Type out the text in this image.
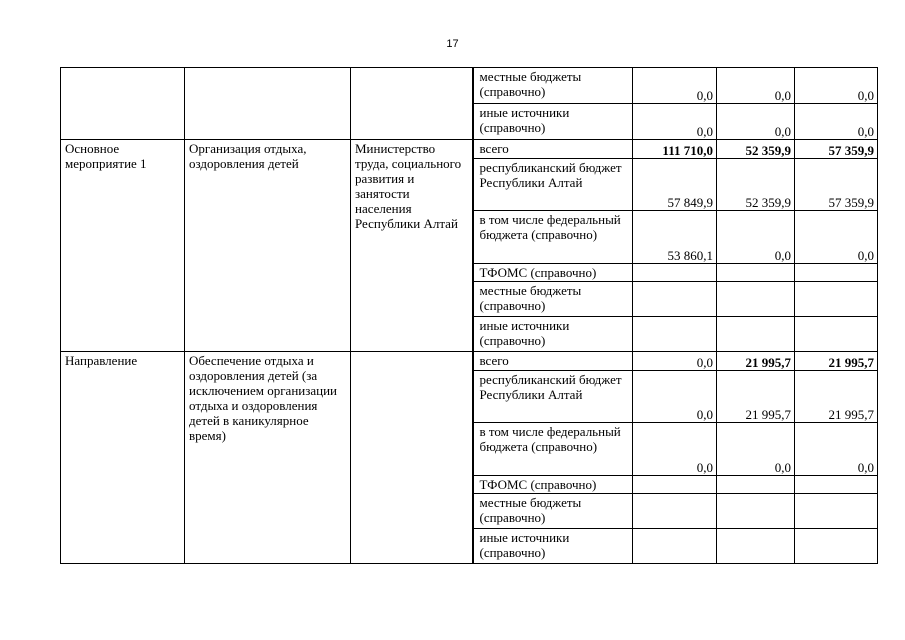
17
			местные бюджеты (справочно)	0,0	0,0	0,0
			иные источники (справочно)	0,0	0,0	0,0
Основное мероприятие 1	Организация отдыха, оздоровления детей	Министерство труда, социального развития и занятости населения Республики Алтай	всего	111 710,0	52 359,9	57 359,9
			республиканский бюджет Республики Алтай	57 849,9	52 359,9	57 359,9
			в том числе федеральный бюджета (справочно)	53 860,1	0,0	0,0
			ТФОМС (справочно)			
			местные бюджеты (справочно)			
			иные источники (справочно)			
Направление	Обеспечение отдыха и оздоровления детей (за исключением организации отдыха и оздоровления детей в каникулярное время)		всего	0,0	21 995,7	21 995,7
			республиканский бюджет Республики Алтай	0,0	21 995,7	21 995,7
			в том числе федеральный бюджета (справочно)	0,0	0,0	0,0
			ТФОМС (справочно)			
			местные бюджеты (справочно)			
			иные источники (справочно)			
